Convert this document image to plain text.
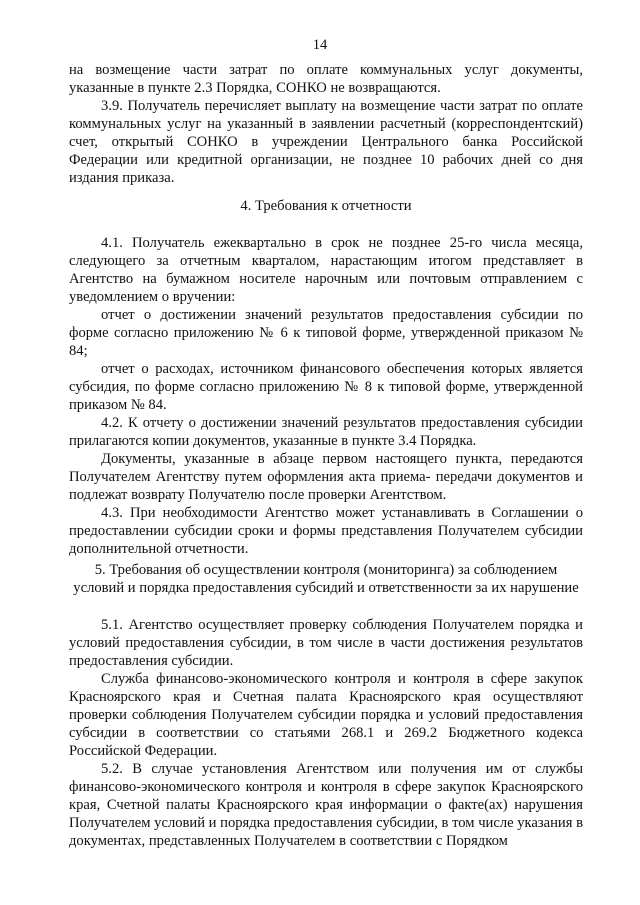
14

на возмещение части затрат по оплате коммунальных услуг документы, указанные в пункте 2.3 Порядка, СОНКО не возвращаются.

3.9. Получатель перечисляет выплату на возмещение части затрат по оплате коммунальных услуг на указанный в заявлении расчетный (корреспондентский) счет, открытый СОНКО в учреждении Центрального банка Российской Федерации или кредитной организации, не позднее 10 рабочих дней со дня издания приказа.

4. Требования к отчетности

4.1. Получатель ежеквартально в срок не позднее 25-го числа месяца, следующего за отчетным кварталом, нарастающим итогом представляет в Агентство на бумажном носителе нарочным или почтовым отправлением с уведомлением о вручении:

отчет о достижении значений результатов предоставления субсидии по форме согласно приложению № 6 к типовой форме, утвержденной приказом № 84;

отчет о расходах, источником финансового обеспечения которых является субсидия, по форме согласно приложению № 8 к типовой форме, утвержденной приказом № 84.

4.2. К отчету о достижении значений результатов предоставления субсидии прилагаются копии документов, указанные в пункте 3.4 Порядка.

Документы, указанные в абзаце первом настоящего пункта, передаются Получателем Агентству путем оформления акта приема- передачи документов и подлежат возврату Получателю после проверки Агентством.

4.3. При необходимости Агентство может устанавливать в Соглашении о предоставлении субсидии сроки и формы представления Получателем субсидии дополнительной отчетности.

5. Требования об осуществлении контроля (мониторинга) за соблюдением

условий и порядка предоставления субсидий и ответственности за их нарушение

5.1. Агентство осуществляет проверку соблюдения Получателем порядка и условий предоставления субсидии, в том числе в части достижения результатов предоставления субсидии.

Служба финансово-экономического контроля и контроля в сфере закупок Красноярского края и Счетная палата Красноярского края осуществляют проверки соблюдения Получателем субсидии порядка и условий предоставления субсидии в соответствии со статьями 268.1 и 269.2 Бюджетного кодекса Российской Федерации.

5.2. В случае установления Агентством или получения им от службы финансово-экономического контроля и контроля в сфере закупок Красноярского края, Счетной палаты Красноярского края информации о факте(ах) нарушения Получателем условий и порядка предоставления субсидии, в том числе указания в документах, представленных Получателем в соответствии с Порядком
